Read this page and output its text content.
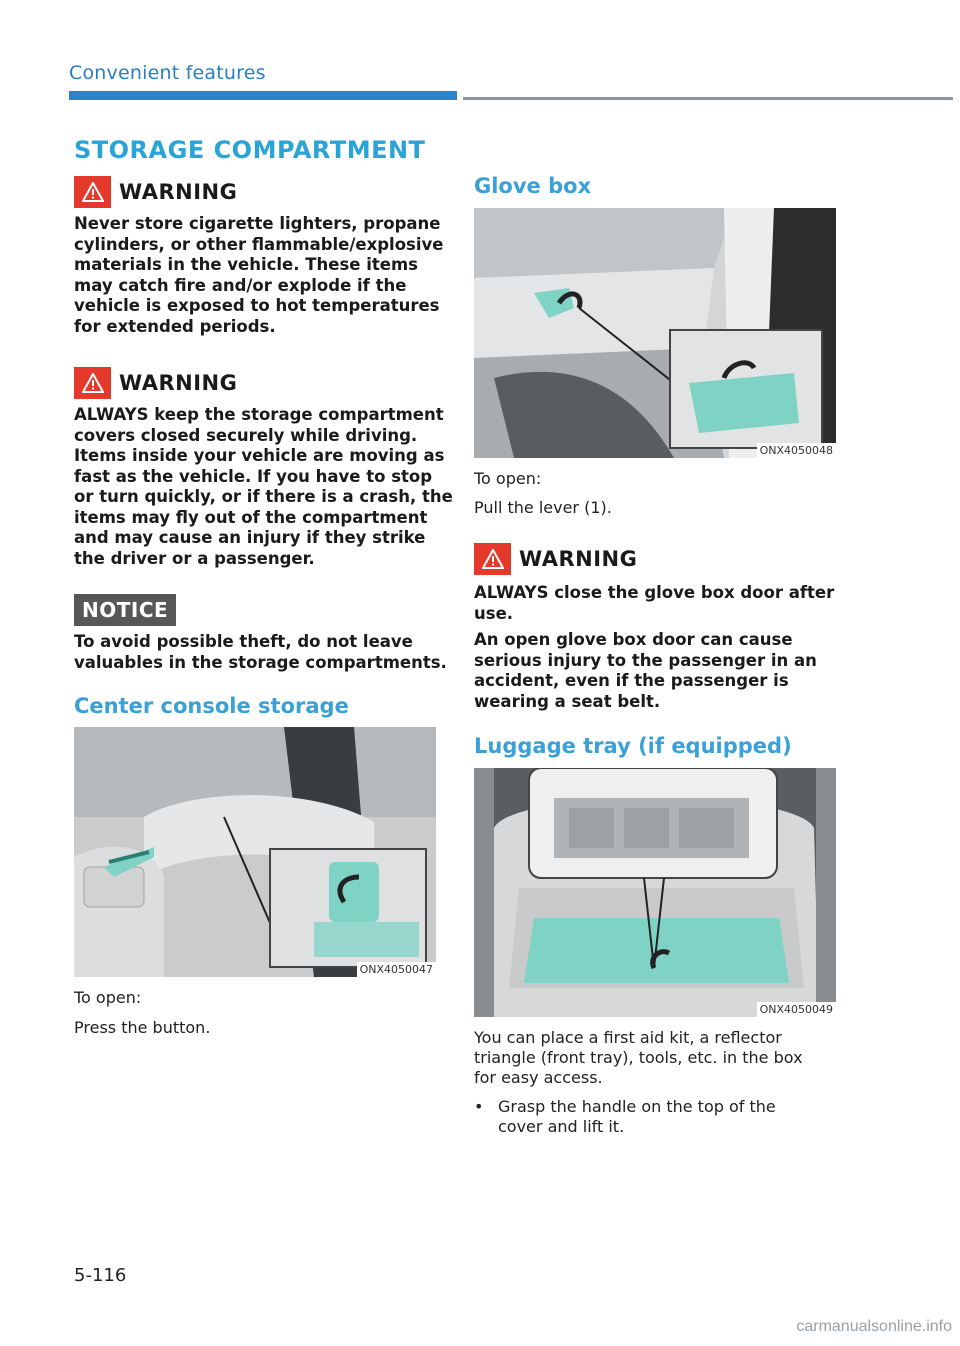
Convenient features
STORAGE COMPARTMENT
WARNING
Never store cigarette lighters, propane
cylinders, or other flammable/explosive
materials in the vehicle. These items
may catch fire and/or explode if the
vehicle is exposed to hot temperatures
for extended periods.
WARNING
ALWAYS keep the storage compartment
covers closed securely while driving.
Items inside your vehicle are moving as
fast as the vehicle. If you have to stop
or turn quickly, or if there is a crash, the
items may fly out of the compartment
and may cause an injury if they strike
the driver or a passenger.
NOTICE
To avoid possible theft, do not leave
valuables in the storage compartments.
Center console storage
ONX4050047
To open:
Press the button.
Glove box
ONX4050048
To open:
Pull the lever (1).
WARNING
ALWAYS close the glove box door after
use.
An open glove box door can cause
serious injury to the passenger in an
accident, even if the passenger is
wearing a seat belt.
Luggage tray (if equipped)
ONX4050049
You can place a first aid kit, a reflector
triangle (front tray), tools, etc. in the box
for easy access.
• Grasp the handle on the top of the
cover and lift it.
5-116
carmanualsonline.info
